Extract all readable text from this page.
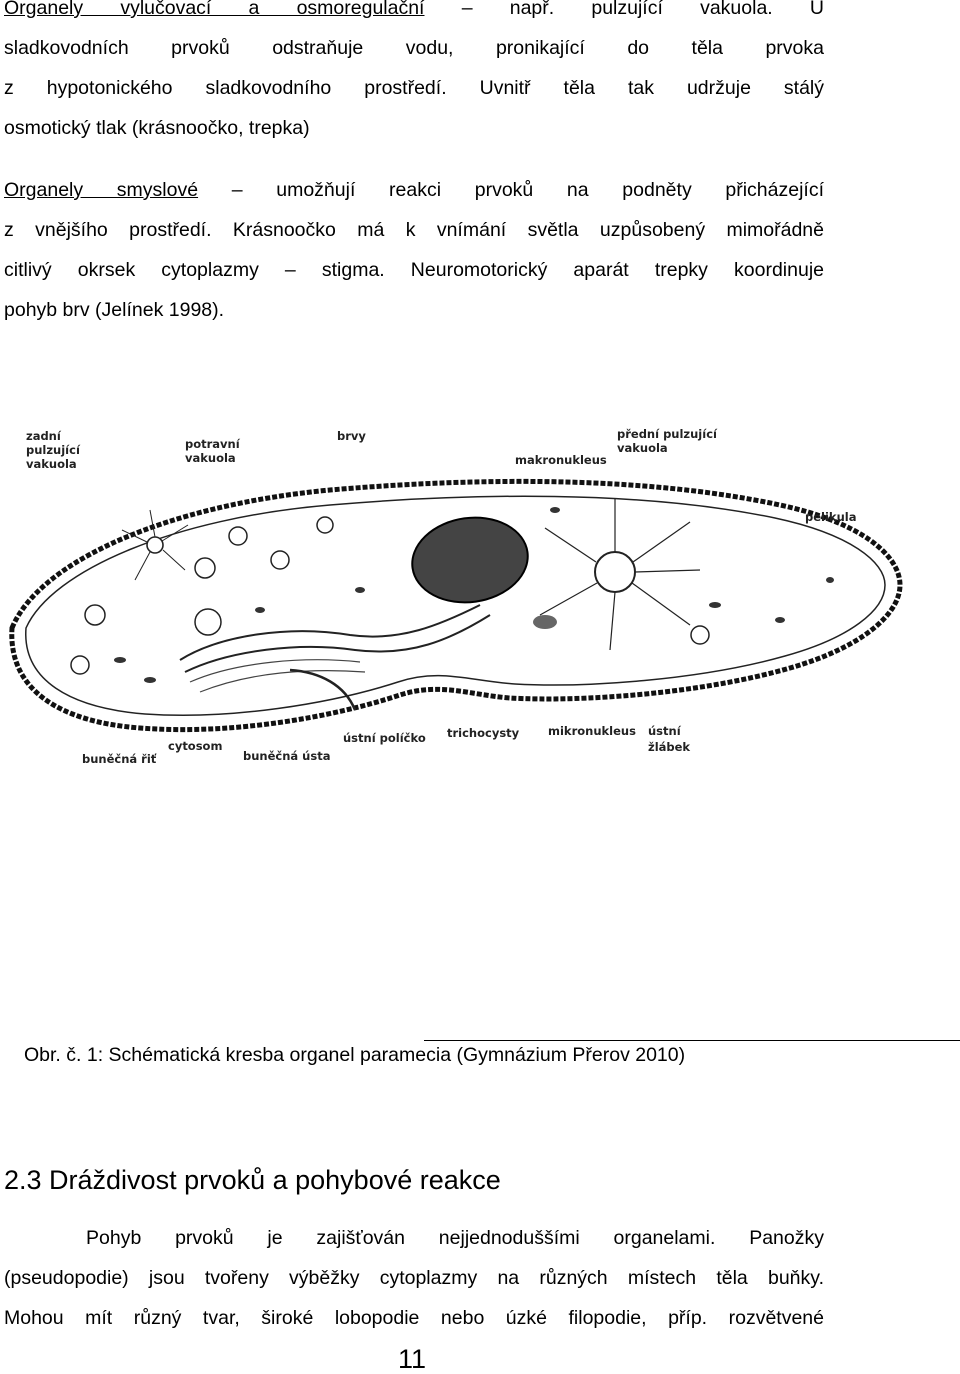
Organely vylučovací a osmoregulační – např. pulzující vakuola. U
sladkovodních prvoků odstraňuje vodu, pronikající do těla prvoka
z hypotonického sladkovodního prostředí. Uvnitř těla tak udržuje stálý
osmotický tlak (krásnoočko, trepka)
Organely smyslové – umožňují reakci prvoků na podněty přicházející
z vnějšího prostředí. Krásnoočko má k vnímání světla uzpůsobený mimořádně
citlivý okrsek cytoplazmy – stigma. Neuromotorický aparát trepky koordinuje
pohyb brv (Jelínek 1998).
zadní pulzující vakuola
potravní vakuola
brvy
makronukleus
přední pulzující vakuola
pelikula
cytosom
buněčná řiť	buněčná ústa
ústní políčko trichocysty	mikronukleus ústní žlábek
Obr. č. 1: Schématická kresba organel paramecia (Gymnázium Přerov 2010)
2.3 Dráždivost prvoků a pohybové reakce
Pohyb prvoků je zajišťován nejjednoduššími organelami. Panožky
(pseudopodie) jsou tvořeny výběžky cytoplazmy na různých místech těla buňky.
Mohou mít různý tvar, široké lobopodie nebo úzké filopodie, příp. rozvětvené
11
